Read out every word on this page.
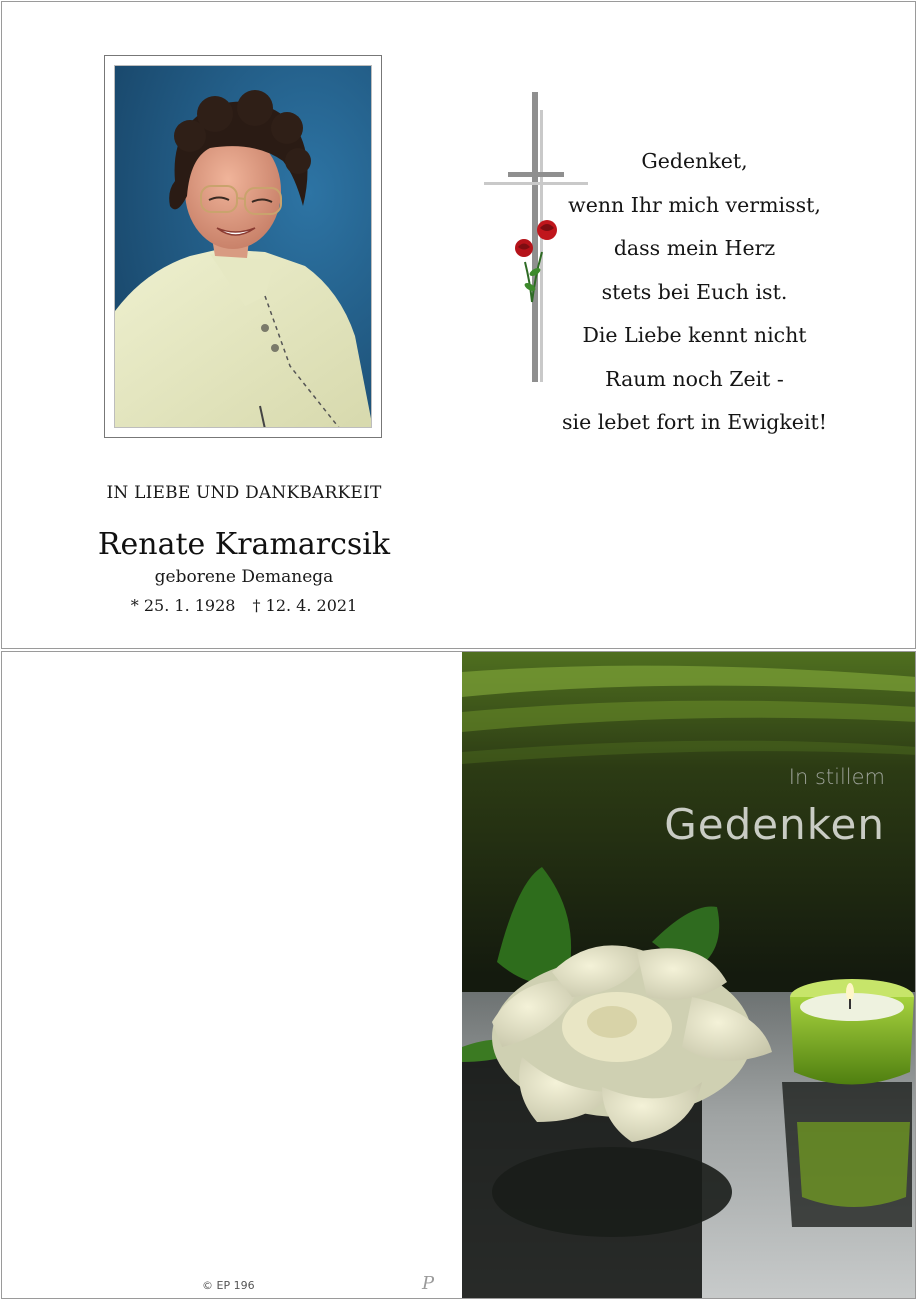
Gedenket,
wenn Ihr mich vermisst,
dass mein Herz
stets bei Euch ist.
Die Liebe kennt nicht
Raum noch Zeit -
sie lebet fort in Ewigkeit!
IN LIEBE UND DANKBARKEIT
Renate Kramarcsik
geborene Demanega
* 25. 1. 1928 † 12. 4. 2021
© EP 196	P
In stillem
Gedenken
